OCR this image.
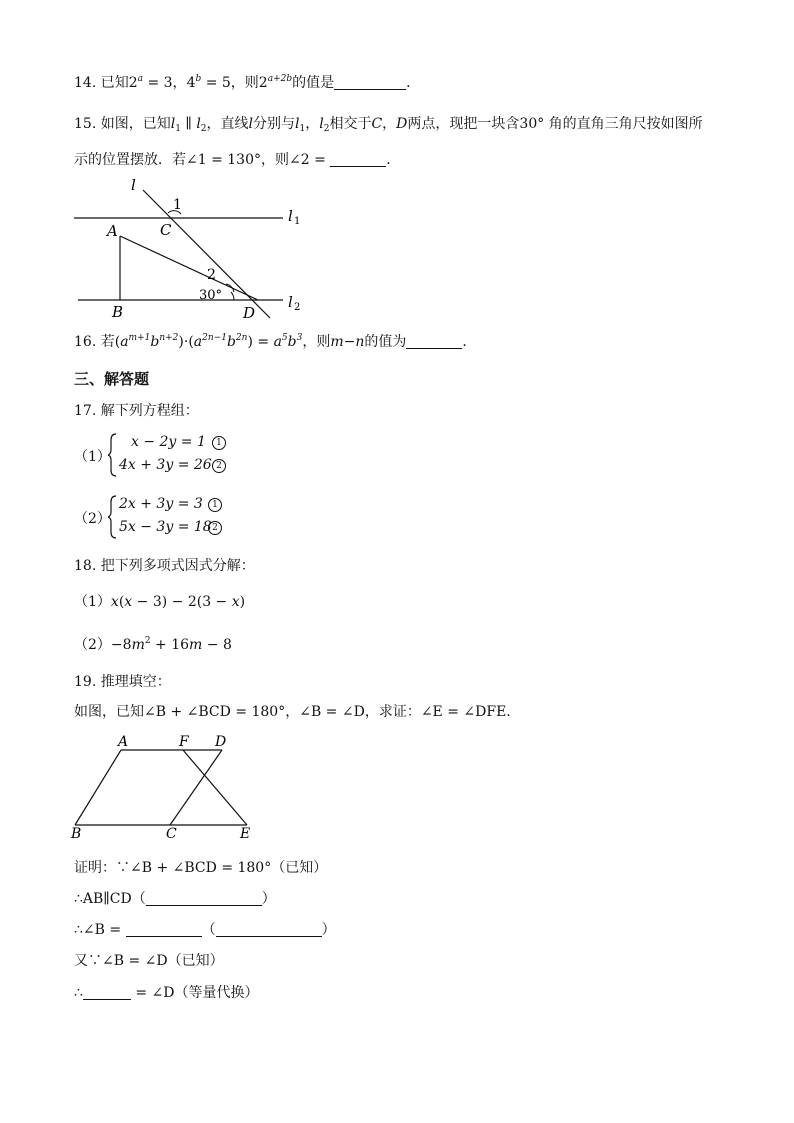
14. 已知$2^a = 3$，$4^b = 5$，则$2^{a+2b}$的值是	．
15. 如图，已知$l_1$ ∥ $l_2$，直线l分别与$l_1$，$l_2$相交于C，D两点，现把一块含30° 角的直角三角尺按如图所
示的位置摆放．若∠1 = 130°，则∠2 =	．
l
1
C
l 1
A
2
30°
B	D
l 2
16. 若$(a^{m+1}b^{n+2})\cdot(a^{2n-1}b^{2n}) = a^5b^3$，则m−n的值为	．
三、解答题
17. 解下列方程组：
（1）
x − 2y = 1	1
4x + 3y = 26 2
（2）
2x + 3y = 3	1
5x − 3y = 18 2
18. 把下列多项式因式分解：
（1）x(x − 3) − 2(3 − x)
$(2)-8m^2 + 16m - 8$
19. 推理填空：
如图，已知∠B + ∠BCD = 180°，∠B = ∠D，求证：∠E = ∠DFE．
A	F D
B	C	E
证明：∵∠B + ∠BCD = 180°（已知）
∴AB∥CD（	）
∴∠B =	（	）
又∵∠B = ∠D（已知）
∴	= ∠D（等量代换）
